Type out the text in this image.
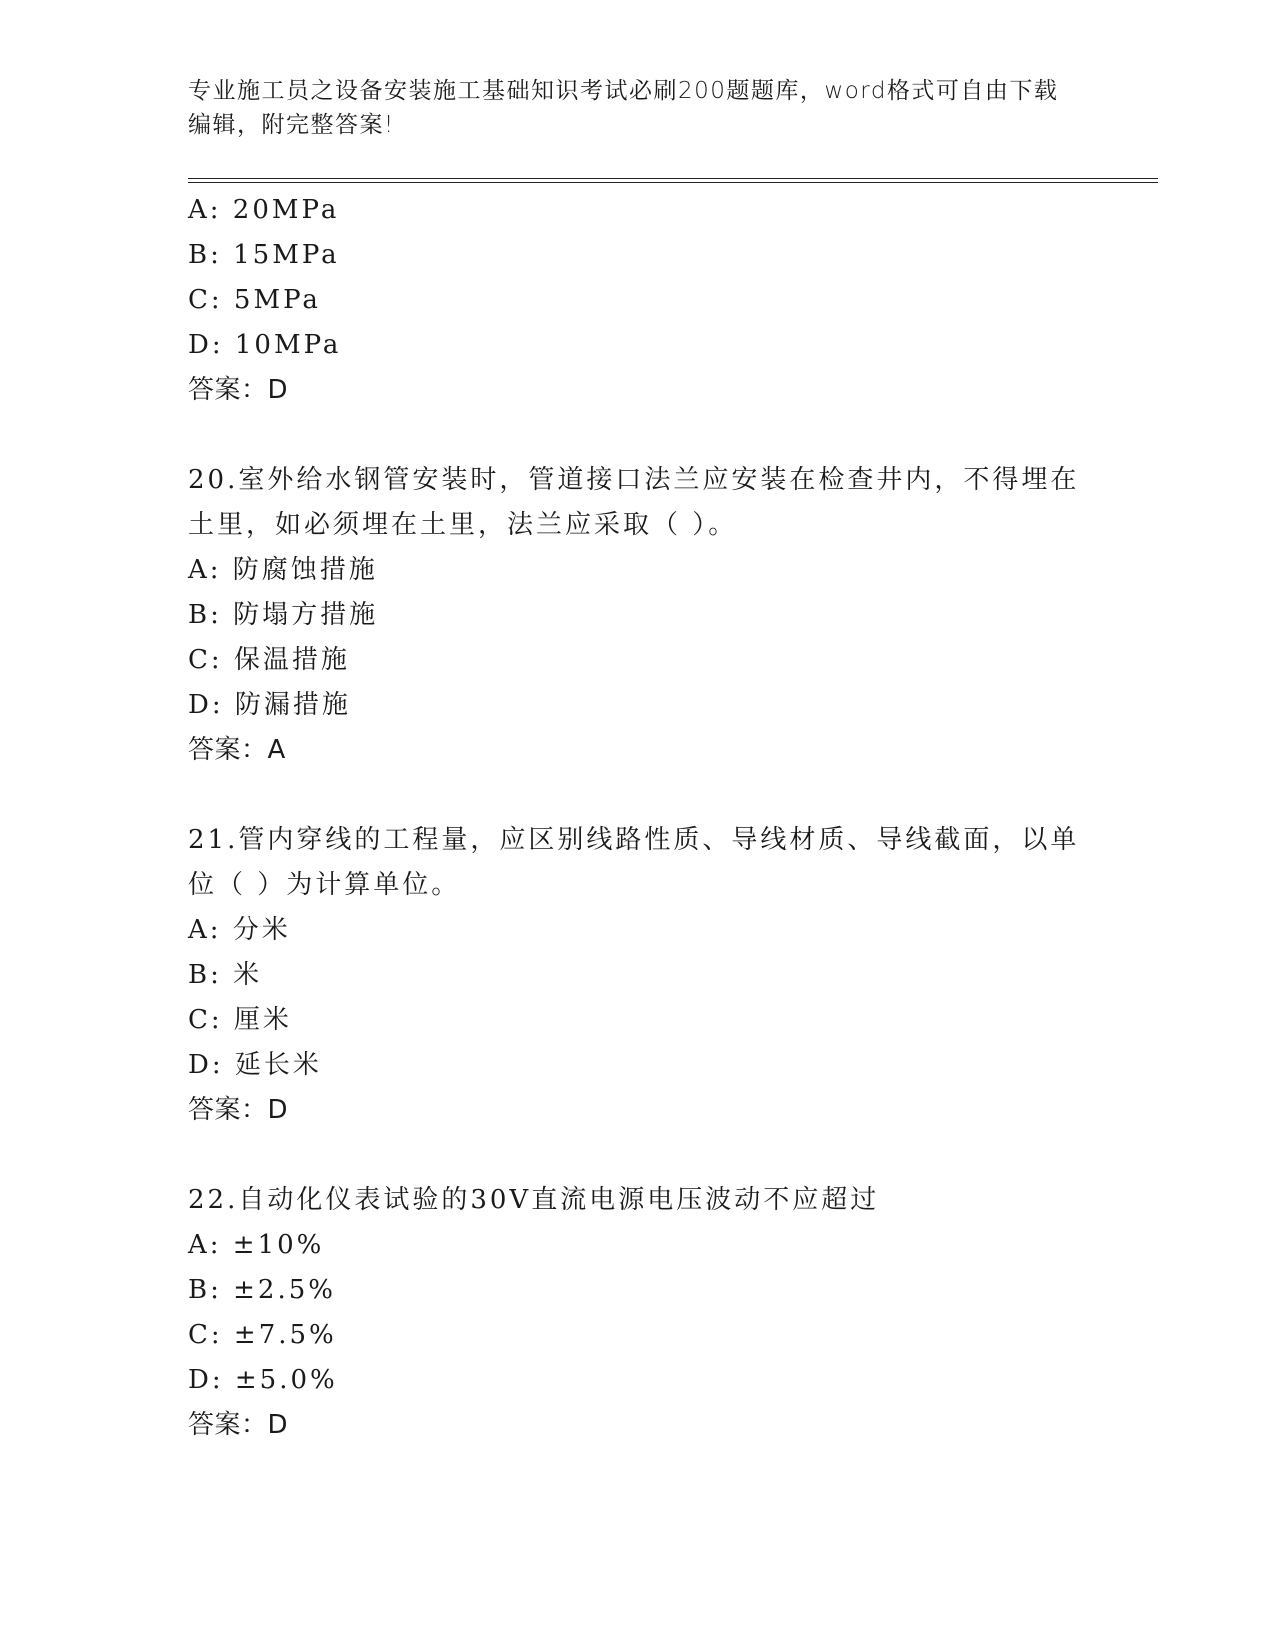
专业施工员之设备安装施工基础知识考试必刷200题题库，word格式可自由下载
编辑，附完整答案!
A: 20MPa
B: 15MPa
C: 5MPa
D: 10MPa
答案：D
20.室外给水钢管安装时，管道接口法兰应安装在检查井内，不得埋在
土里，如必须埋在土里，法兰应采取（ ）。
A: 防腐蚀措施
B: 防塌方措施
C: 保温措施
D: 防漏措施
答案：A
21.管内穿线的工程量，应区别线路性质、导线材质、导线截面，以单
位（ ）为计算单位。
A: 分米
B: 米
C: 厘米
D: 延长米
答案：D
22.自动化仪表试验的30V直流电源电压波动不应超过
A: ±10%
B: ±2.5%
C: ±7.5%
D: ±5.0%
答案：D
